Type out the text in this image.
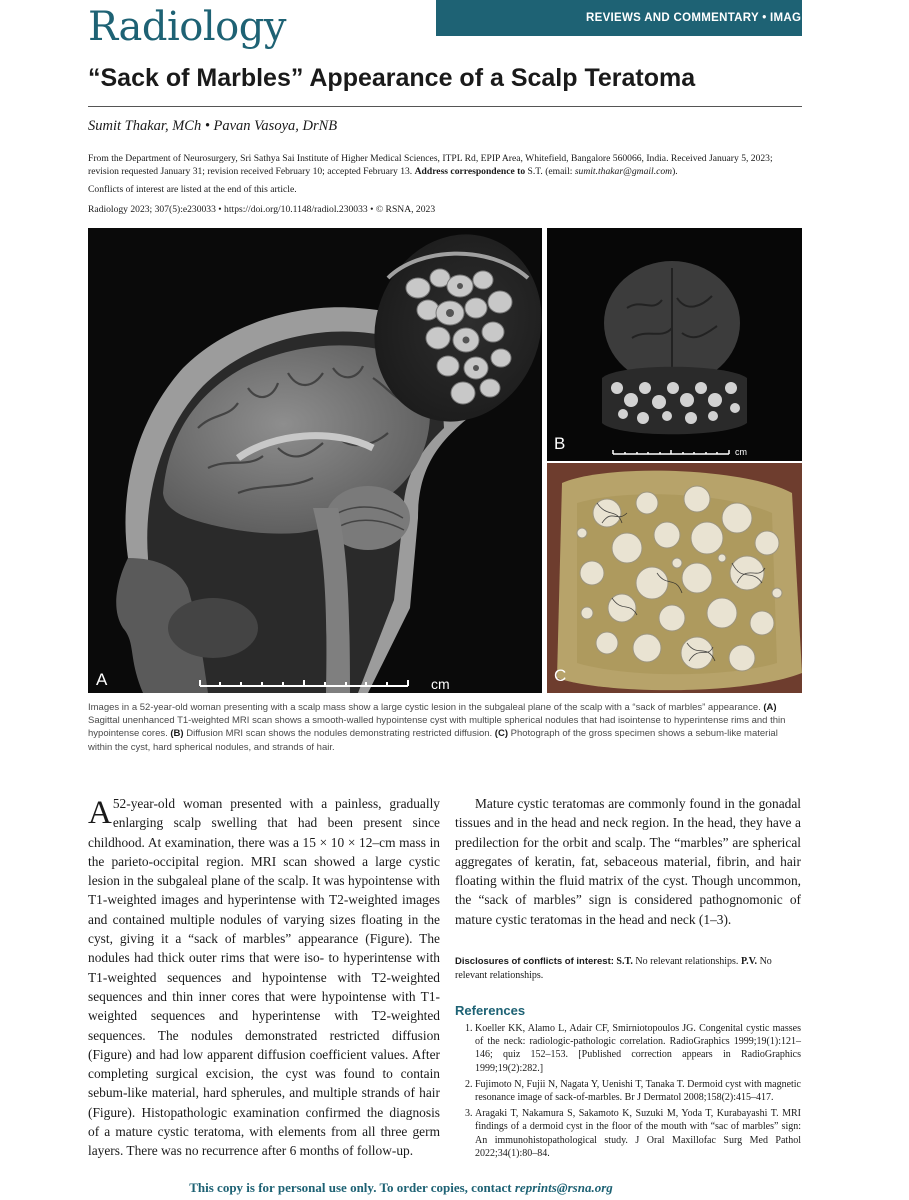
Radiology	REVIEWS AND COMMENTARY • IMAGES IN RADIOLOGY
“Sack of Marbles” Appearance of a Scalp Teratoma
Sumit Thakar, MCh • Pavan Vasoya, DrNB

From the Department of Neurosurgery, Sri Sathya Sai Institute of Higher Medical Sciences, ITPL Rd, EPIP Area, Whitefield, Bangalore 560066, India. Received January 5, 2023; revision requested January 31; revision received February 10; accepted February 13. Address correspondence to S.T. (email: sumit.thakar@gmail.com).

Conflicts of interest are listed at the end of this article.

Radiology 2023; 307(5):e230033 • https://doi.org/10.1148/radiol.230033 • © RSNA, 2023

A	cm
B	cm
C

Images in a 52-year-old woman presenting with a scalp mass show a large cystic lesion in the subgaleal plane of the scalp with a “sack of marbles” appearance. (A) Sagittal unenhanced T1-weighted MRI scan shows a smooth-walled hypointense cyst with multiple spherical nodules that had isointense to hyperintense rims and thin hypointense cores. (B) Diffusion MRI scan shows the nodules demonstrating restricted diffusion. (C) Photograph of the gross specimen shows a sebum-like material within the cyst, hard spherical nodules, and strands of hair.

A 52-year-old woman presented with a painless, gradually enlarging scalp swelling that had been present since childhood. At examination, there was a 15 × 10 × 12–cm mass in the parieto-occipital region. MRI scan showed a large cystic lesion in the subgaleal plane of the scalp. It was hypointense with T1-weighted images and hyperintense with T2-weighted images and contained multiple nodules of varying sizes floating in the cyst, giving it a “sack of marbles” appearance (Figure). The nodules had thick outer rims that were iso- to hyperintense with T1-weighted sequences and hypointense with T2-weighted sequences and thin inner cores that were hypointense with T1-weighted sequences and hyperintense with T2-weighted sequences. The nodules demonstrated restricted diffusion (Figure) and had low apparent diffusion coefficient values. After completing surgical excision, the cyst was found to contain sebum-like material, hard spherules, and multiple strands of hair (Figure). Histopathologic examination confirmed the diagnosis of a mature cystic teratoma, with elements from all three germ layers. There was no recurrence after 6 months of follow-up.

Mature cystic teratomas are commonly found in the gonadal tissues and in the head and neck region. In the head, they have a predilection for the orbit and scalp. The “marbles” are spherical aggregates of keratin, fat, sebaceous material, fibrin, and hair floating within the fluid matrix of the cyst. Though uncommon, the “sack of marbles” sign is considered pathognomonic of mature cystic teratomas in the head and neck (1–3).

Disclosures of conflicts of interest: S.T. No relevant relationships. P.V. No relevant relationships.

References
1. Koeller KK, Alamo L, Adair CF, Smirniotopoulos JG. Congenital cystic masses of the neck: radiologic-pathologic correlation. RadioGraphics 1999;19(1):121–146; quiz 152–153. [Published correction appears in RadioGraphics 1999;19(2):282.]
2. Fujimoto N, Fujii N, Nagata Y, Uenishi T, Tanaka T. Dermoid cyst with magnetic resonance image of sack-of-marbles. Br J Dermatol 2008;158(2):415–417.
3. Aragaki T, Nakamura S, Sakamoto K, Suzuki M, Yoda T, Kurabayashi T. MRI findings of a dermoid cyst in the floor of the mouth with “sac of marbles” sign: An immunohistopathological study. J Oral Maxillofac Surg Med Pathol 2022;34(1):80–84.

This copy is for personal use only. To order copies, contact reprints@rsna.org
